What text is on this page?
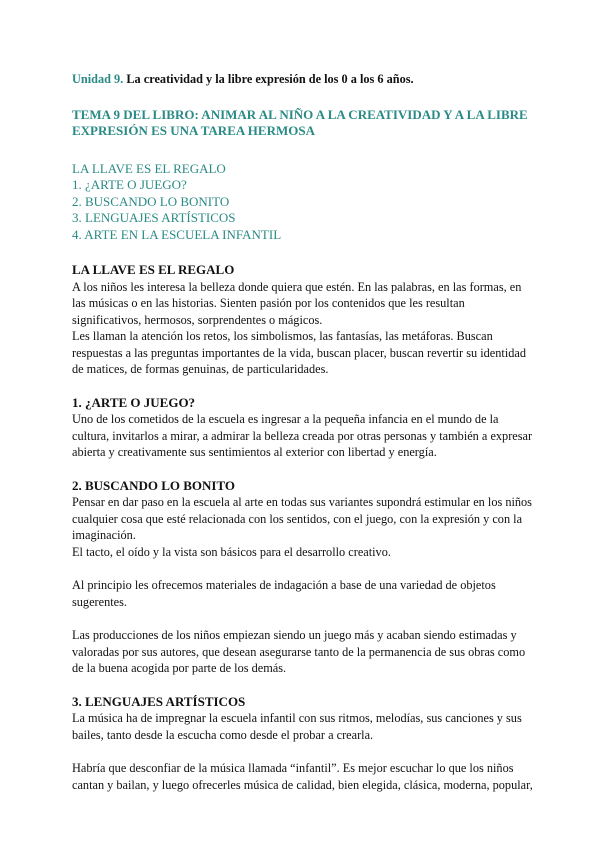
Unidad 9. La creatividad y la libre expresión de los 0 a los 6 años.

TEMA 9 DEL LIBRO: ANIMAR AL NIÑO A LA CREATIVIDAD Y A LA LIBRE

EXPRESIÓN ES UNA TAREA HERMOSA

LA LLAVE ES EL REGALO

1. ¿ARTE O JUEGO?

2. BUSCANDO LO BONITO

3. LENGUAJES ARTÍSTICOS

4. ARTE EN LA ESCUELA INFANTIL

LA LLAVE ES EL REGALO

A los niños les interesa la belleza donde quiera que estén. En las palabras, en las formas, en

las músicas o en las historias. Sienten pasión por los contenidos que les resultan

significativos, hermosos, sorprendentes o mágicos.

Les llaman la atención los retos, los simbolismos, las fantasías, las metáforas. Buscan

respuestas a las preguntas importantes de la vida, buscan placer, buscan revertir su identidad

de matices, de formas genuinas, de particularidades.

1. ¿ARTE O JUEGO?

Uno de los cometidos de la escuela es ingresar a la pequeña infancia en el mundo de la

cultura, invitarlos a mirar, a admirar la belleza creada por otras personas y también a expresar

abierta y creativamente sus sentimientos al exterior con libertad y energía.

2. BUSCANDO LO BONITO

Pensar en dar paso en la escuela al arte en todas sus variantes supondrá estimular en los niños

cualquier cosa que esté relacionada con los sentidos, con el juego, con la expresión y con la

imaginación.

El tacto, el oído y la vista son básicos para el desarrollo creativo.

Al principio les ofrecemos materiales de indagación a base de una variedad de objetos

sugerentes.

Las producciones de los niños empiezan siendo un juego más y acaban siendo estimadas y

valoradas por sus autores, que desean asegurarse tanto de la permanencia de sus obras como

de la buena acogida por parte de los demás.

3. LENGUAJES ARTÍSTICOS

La música ha de impregnar la escuela infantil con sus ritmos, melodías, sus canciones y sus

bailes, tanto desde la escucha como desde el probar a crearla.

Habría que desconfiar de la música llamada “infantil”. Es mejor escuchar lo que los niños

cantan y bailan, y luego ofrecerles música de calidad, bien elegida, clásica, moderna, popular,
